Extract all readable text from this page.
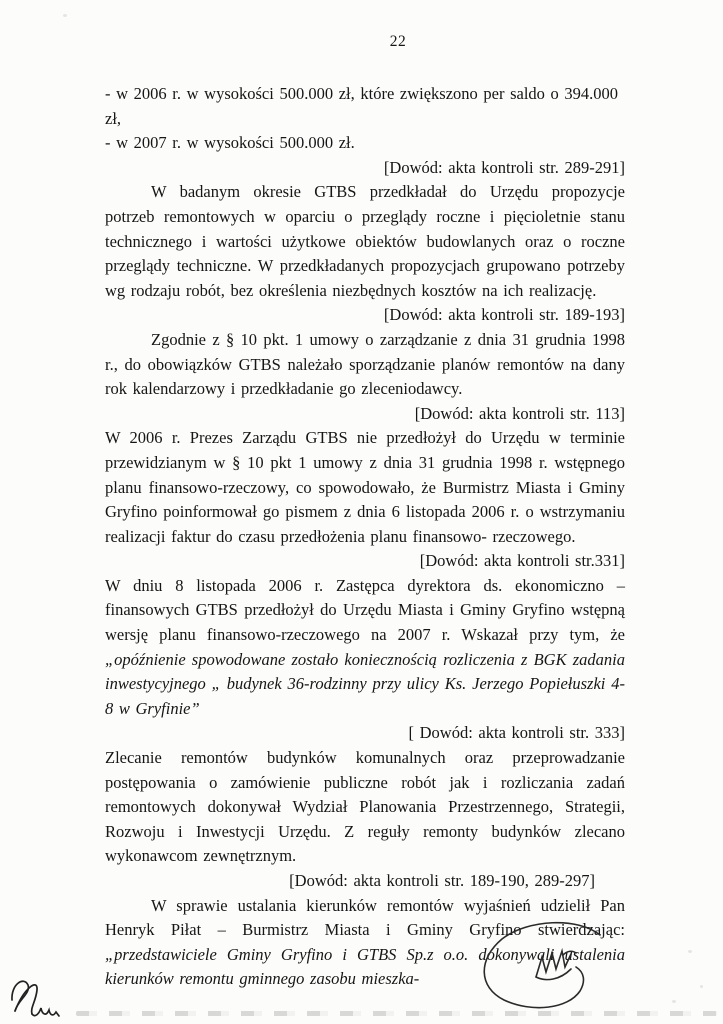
22
- w 2006 r. w wysokości 500.000 zł, które zwiększono per saldo o 394.000 zł,
- w 2007 r. w wysokości 500.000 zł.
[Dowód: akta kontroli str. 289-291]
W badanym okresie GTBS przedkładał do Urzędu propozycje potrzeb remontowych w oparciu o przeglądy roczne i pięcioletnie stanu technicznego i wartości użytkowe obiektów budowlanych oraz o roczne przeglądy techniczne. W przedkładanych propozycjach grupowano potrzeby wg rodzaju robót, bez określenia niezbędnych kosztów na ich realizację.
[Dowód: akta kontroli str. 189-193]
Zgodnie z § 10 pkt. 1 umowy o zarządzanie z dnia 31 grudnia 1998 r., do obowiązków GTBS należało sporządzanie planów remontów na dany rok kalendarzowy i przedkładanie go zleceniodawcy.
[Dowód: akta kontroli str. 113]
W 2006 r. Prezes Zarządu GTBS nie przedłożył do Urzędu w terminie przewidzianym w § 10 pkt 1 umowy z dnia 31 grudnia 1998 r. wstępnego planu finansowo-rzeczowy, co spowodowało, że Burmistrz Miasta i Gminy Gryfino poinformował go pismem z dnia 6 listopada 2006 r. o wstrzymaniu realizacji faktur do czasu przedłożenia planu finansowo- rzeczowego.
[Dowód: akta kontroli str.331]
W dniu 8 listopada 2006 r. Zastępca dyrektora ds. ekonomiczno – finansowych GTBS przedłożył do Urzędu Miasta i Gminy Gryfino wstępną wersję planu finansowo-rzeczowego na 2007 r. Wskazał przy tym, że „opóźnienie spowodowane zostało koniecznością rozliczenia z BGK zadania inwestycyjnego „ budynek 36-rodzinny przy ulicy Ks. Jerzego Popiełuszki 4-8 w Gryfinie”
[ Dowód: akta kontroli str. 333]
Zlecanie remontów budynków komunalnych oraz przeprowadzanie postępowania o zamówienie publiczne robót jak i rozliczania zadań remontowych dokonywał Wydział Planowania Przestrzennego, Strategii, Rozwoju i Inwestycji Urzędu. Z reguły remonty budynków zlecano wykonawcom zewnętrznym.
[Dowód: akta kontroli str. 189-190, 289-297]
W sprawie ustalania kierunków remontów wyjaśnień udzielił Pan Henryk Piłat – Burmistrz Miasta i Gminy Gryfino stwierdzając: „przedstawiciele Gminy Gryfino i GTBS Sp.z o.o. dokonywali ustalenia kierunków remontu gminnego zasobu mieszka-
